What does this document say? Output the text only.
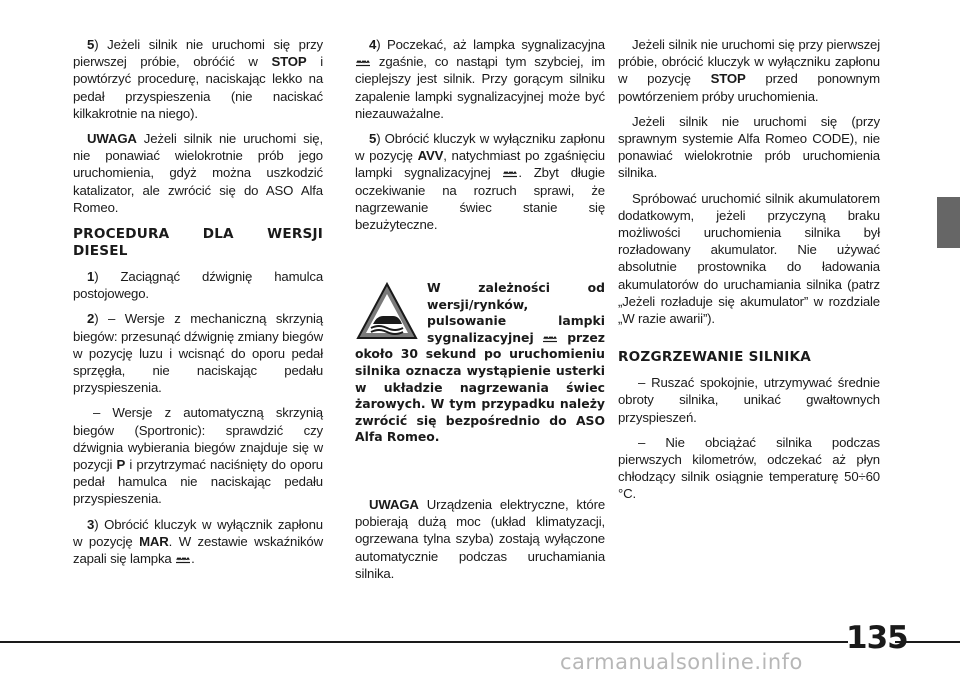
5) Jeżeli silnik nie uruchomi się przy pierwszej próbie, obróćić w STOP i powtórzyć procedurę, naciskając lekko na pedał przyspieszenia (nie naciskać kilkakrotnie na niego).

UWAGA Jeżeli silnik nie uruchomi się, nie ponawiać wielokrotnie prób jego uruchomienia, gdyż można uszkodzić katalizator, ale zwrócić się do ASO Alfa Romeo.

PROCEDURA DLA WERSJI DIESEL

1) Zaciągnąć dźwignię hamulca postojowego.

2) – Wersje z mechaniczną skrzynią biegów: przesunąć dźwignię zmiany biegów w pozycję luzu i wcisnąć do oporu pedał sprzęgła, nie naciskając pedału przyspieszenia.

– Wersje z automatyczną skrzynią biegów (Sportronic): sprawdzić czy dźwignia wybierania biegów znajduje się w pozycji P i przytrzymać naciśnięty do oporu pedał hamulca nie naciskając pedału przyspieszenia.

3) Obrócić kluczyk w wyłącznik zapłonu w pozycję MAR. W zestawie wskaźników zapali się lampka .

4) Poczekać, aż lampka sygnalizacyjna  zgaśnie, co nastąpi tym szybciej, im cieplejszy jest silnik. Przy gorącym silniku zapalenie lampki sygnalizacyjnej może być niezauważalne.

5) Obrócić kluczyk w wyłączniku zapłonu w pozycję AVV, natychmiast po zgaśnięciu lampki sygnalizacyjnej . Zbyt długie oczekiwanie na rozruch sprawi, że nagrzewanie świec stanie się bezużyteczne.

W zależności od wersji/rynków, pulsowanie lampki sygnalizacyjnej  przez około 30 sekund po uruchomieniu silnika oznacza wystąpienie usterki w układzie nagrzewania świec żarowych. W tym przypadku należy zwrócić się bezpośrednio do ASO Alfa Romeo.

UWAGA Urządzenia elektryczne, które pobierają dużą moc (układ klimatyzacji, ogrzewana tylna szyba) zostają wyłączone automatycznie podczas uruchamiania silnika.

Jeżeli silnik nie uruchomi się przy pierwszej próbie, obrócić kluczyk w wyłączniku zapłonu w pozycję STOP przed ponownym powtórzeniem próby uruchomienia.

Jeżeli silnik nie uruchomi się (przy sprawnym systemie Alfa Romeo CODE), nie ponawiać wielokrotnie prób uruchomienia silnika.

Spróbować uruchomić silnik akumulatorem dodatkowym, jeżeli przyczyną braku możliwości uruchomienia silnika był rozładowany akumulator. Nie używać absolutnie prostownika do ładowania akumulatorów do uruchamiania silnika (patrz „Jeżeli rozładuje się akumulator” w rozdziale „W razie awarii”).

ROZGRZEWANIE SILNIKA

– Ruszać spokojnie, utrzymywać średnie obroty silnika, unikać gwałtownych przyspieszeń.

– Nie obciążać silnika podczas pierwszych kilometrów, odczekać aż płyn chłodzący silnik osiągnie temperaturę 50÷60 °C.

135
carmanualsonline.info
